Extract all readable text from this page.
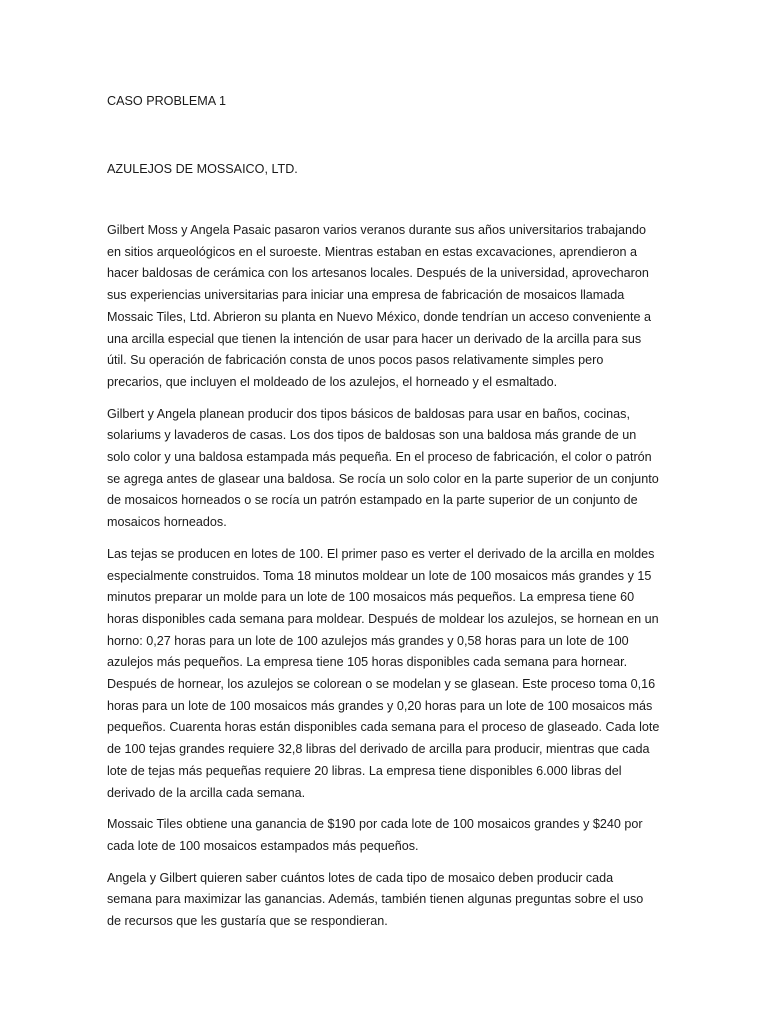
CASO PROBLEMA 1

AZULEJOS DE MOSSAICO, LTD.

Gilbert Moss y Angela Pasaic pasaron varios veranos durante sus años universitarios trabajando en sitios arqueológicos en el suroeste. Mientras estaban en estas excavaciones, aprendieron a hacer baldosas de cerámica con los artesanos locales. Después de la universidad, aprovecharon sus experiencias universitarias para iniciar una empresa de fabricación de mosaicos llamada Mossaic Tiles, Ltd. Abrieron su planta en Nuevo México, donde tendrían un acceso conveniente a una arcilla especial que tienen la intención de usar para hacer un derivado de la arcilla para sus útil. Su operación de fabricación consta de unos pocos pasos relativamente simples pero precarios, que incluyen el moldeado de los azulejos, el horneado y el esmaltado.

Gilbert y Angela planean producir dos tipos básicos de baldosas para usar en baños, cocinas, solariums y lavaderos de casas. Los dos tipos de baldosas son una baldosa más grande de un solo color y una baldosa estampada más pequeña. En el proceso de fabricación, el color o patrón se agrega antes de glasear una baldosa. Se rocía un solo color en la parte superior de un conjunto de mosaicos horneados o se rocía un patrón estampado en la parte superior de un conjunto de mosaicos horneados.

Las tejas se producen en lotes de 100. El primer paso es verter el derivado de la arcilla en moldes especialmente construidos. Toma 18 minutos moldear un lote de 100 mosaicos más grandes y 15 minutos preparar un molde para un lote de 100 mosaicos más pequeños. La empresa tiene 60 horas disponibles cada semana para moldear. Después de moldear los azulejos, se hornean en un horno: 0,27 horas para un lote de 100 azulejos más grandes y 0,58 horas para un lote de 100 azulejos más pequeños. La empresa tiene 105 horas disponibles cada semana para hornear. Después de hornear, los azulejos se colorean o se modelan y se glasean. Este proceso toma 0,16 horas para un lote de 100 mosaicos más grandes y 0,20 horas para un lote de 100 mosaicos más pequeños. Cuarenta horas están disponibles cada semana para el proceso de glaseado. Cada lote de 100 tejas grandes requiere 32,8 libras del derivado de arcilla para producir, mientras que cada lote de tejas más pequeñas requiere 20 libras. La empresa tiene disponibles 6.000 libras del derivado de la arcilla cada semana.

Mossaic Tiles obtiene una ganancia de $190 por cada lote de 100 mosaicos grandes y $240 por cada lote de 100 mosaicos estampados más pequeños.

Angela y Gilbert quieren saber cuántos lotes de cada tipo de mosaico deben producir cada semana para maximizar las ganancias. Además, también tienen algunas preguntas sobre el uso de recursos que les gustaría que se respondieran.
